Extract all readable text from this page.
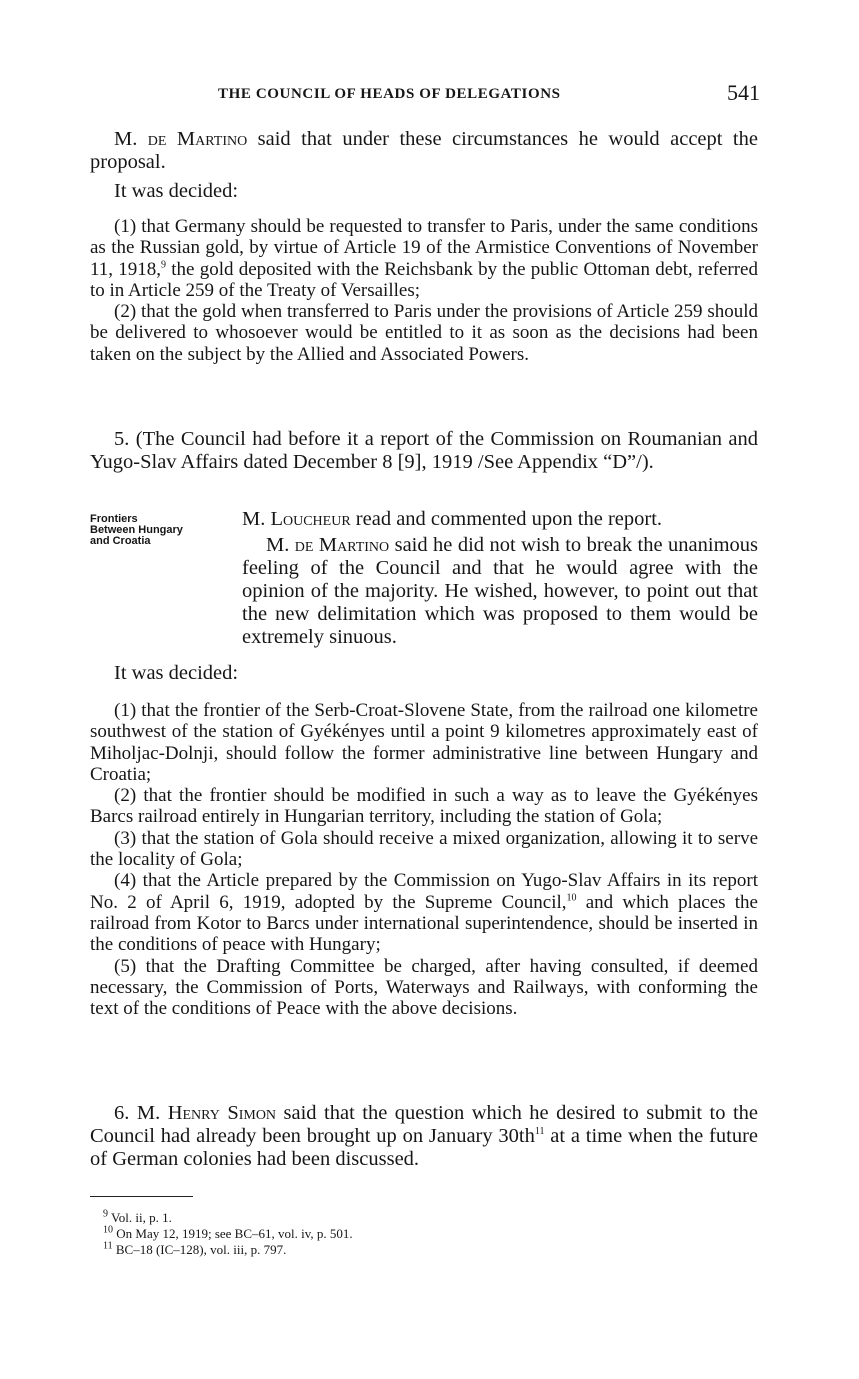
THE COUNCIL OF HEADS OF DELEGATIONS	541
M. de Martino said that under these circumstances he would accept the proposal.
It was decided:
(1) that Germany should be requested to transfer to Paris, under the same conditions as the Russian gold, by virtue of Article 19 of the Armistice Conventions of November 11, 1918,$^9$ the gold deposited with the Reichsbank by the public Ottoman debt, referred to in Article 259 of the Treaty of Versailles;
(2) that the gold when transferred to Paris under the provisions of Article 259 should be delivered to whosoever would be entitled to it as soon as the decisions had been taken on the subject by the Allied and Associated Powers.
5. (The Council had before it a report of the Commission on Roumanian and Yugo-Slav Affairs dated December 8 [9], 1919 /See Appendix “D”/).
Frontiers
Between Hungary
and Croatia
M. Loucheur read and commented upon the report.
M. de Martino said he did not wish to break the unanimous feeling of the Council and that he would agree with the opinion of the majority. He wished, however, to point out that the new delimitation which was proposed to them would be extremely sinuous.
It was decided:
(1) that the frontier of the Serb-Croat-Slovene State, from the railroad one kilometre southwest of the station of Gyékényes until a point 9 kilometres approximately east of Miholjac-Dolnji, should follow the former administrative line between Hungary and Croatia;
(2) that the frontier should be modified in such a way as to leave the Gyékényes Barcs railroad entirely in Hungarian territory, including the station of Gola;
(3) that the station of Gola should receive a mixed organization, allowing it to serve the locality of Gola;
(4) that the Article prepared by the Commission on Yugo-Slav Affairs in its report No. 2 of April 6, 1919, adopted by the Supreme Council,$^{10}$ and which places the railroad from Kotor to Barcs under international superintendence, should be inserted in the conditions of peace with Hungary;
(5) that the Drafting Committee be charged, after having consulted, if deemed necessary, the Commission of Ports, Waterways and Railways, with conforming the text of the conditions of Peace with the above decisions.
6. M. Henry Simon said that the question which he desired to submit to the Council had already been brought up on January $30th^{11}$ at a time when the future of German colonies had been discussed.
$^9$ Vol. ii, p. 1.
$^{10}$ On May 12, 1919; see BC–61, vol. iv, p. 501.
$^{11}$ BC–18 (IC–128), vol. iii, p. 797.
